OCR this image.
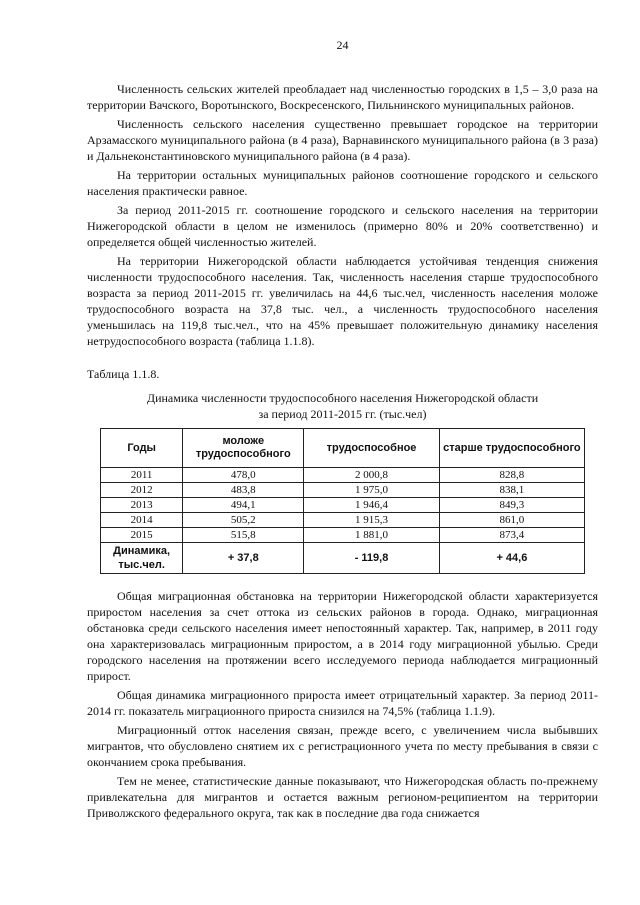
24

Численность сельских жителей преобладает над численностью городских в 1,5 – 3,0 раза на территории Вачского, Воротынского, Воскресенского, Пильнинского муниципальных районов.

Численность сельского населения существенно превышает городское на территории Арзамасского муниципального района (в 4 раза), Варнавинского муниципального района (в 3 раза) и Дальнеконстантиновского муниципального района (в 4 раза).

На территории остальных муниципальных районов соотношение городского и сельского населения практически равное.

За период 2011-2015 гг. соотношение городского и сельского населения на территории Нижегородской области в целом не изменилось (примерно 80% и 20% соответственно) и определяется общей численностью жителей.

На территории Нижегородской области наблюдается устойчивая тенденция снижения численности трудоспособного населения. Так, численность населения старше трудоспособного возраста за период 2011-2015 гг. увеличилась на 44,6 тыс.чел, численность населения моложе трудоспособного возраста на 37,8 тыс. чел., а численность трудоспособного населения уменьшилась на 119,8 тыс.чел., что на 45% превышает положительную динамику населения нетрудоспособного возраста (таблица 1.1.8).

Таблица 1.1.8.

Динамика численности трудоспособного населения Нижегородской области

за период 2011-2015 гг. (тыс.чел)

Годы	моложе трудоспособного	трудоспособное	старше трудоспособного
2011	478,0	2 000,8	828,8
2012	483,8	1 975,0	838,1
2013	494,1	1 946,4	849,3
2014	505,2	1 915,3	861,0
2015	515,8	1 881,0	873,4
Динамика, тыс.чел.	+ 37,8	- 119,8	+ 44,6

Общая миграционная обстановка на территории Нижегородской области характеризуется приростом населения за счет оттока из сельских районов в города. Однако, миграционная обстановка среди сельского населения имеет непостоянный характер. Так, например, в 2011 году она характеризовалась миграционным приростом, а в 2014 году миграционной убылью. Среди городского населения на протяжении всего исследуемого периода наблюдается миграционный прирост.

Общая динамика миграционного прироста имеет отрицательный характер. За период 2011-2014 гг. показатель миграционного прироста снизился на 74,5% (таблица 1.1.9).

Миграционный отток населения связан, прежде всего, с увеличением числа выбывших мигрантов, что обусловлено снятием их с регистрационного учета по месту пребывания в связи с окончанием срока пребывания.

Тем не менее, статистические данные показывают, что Нижегородская область по-прежнему привлекательна для мигрантов и остается важным регионом-реципиентом на территории Приволжского федерального округа, так как в последние два года снижается
